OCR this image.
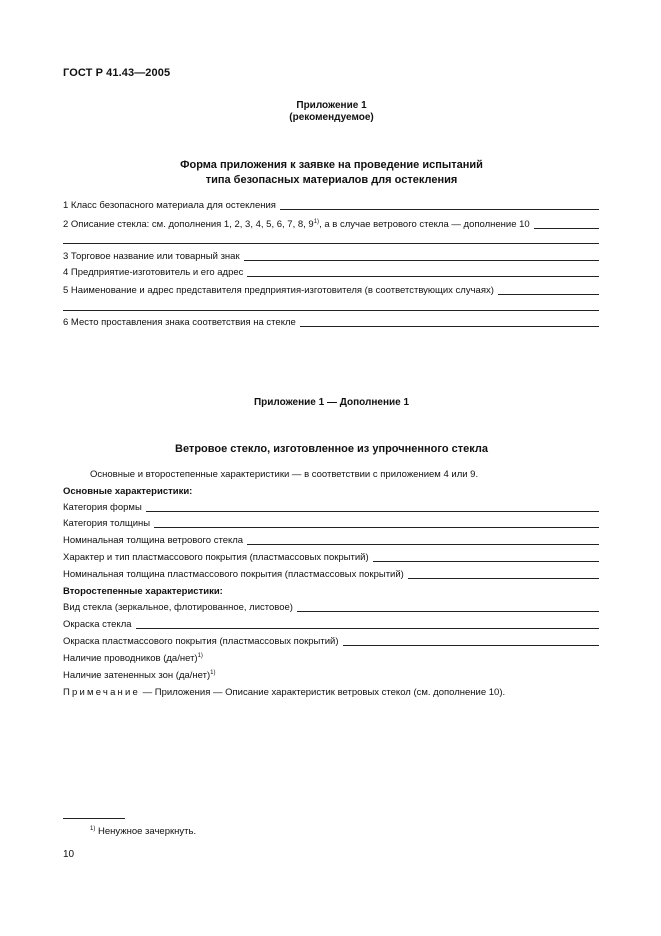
ГОСТ Р 41.43—2005
Приложение 1
(рекомендуемое)
Форма приложения к заявке на проведение испытаний
типа безопасных материалов для остекления
1 Класс безопасного материала для остекления
2 Описание стекла: см. дополнения 1, 2, 3, 4, 5, 6, 7, 8, 9$^{1)}$, а в случае ветрового стекла — дополнение 10
3 Торговое название или товарный знак
4 Предприятие-изготовитель и его адрес
5 Наименование и адрес представителя предприятия-изготовителя (в соответствующих случаях)
6 Место проставления знака соответствия на стекле
Приложение 1 — Дополнение 1
Ветровое стекло, изготовленное из упрочненного стекла
Основные и второстепенные характеристики — в соответствии с приложением 4 или 9.
Основные характеристики:
Категория формы
Категория толщины
Номинальная толщина ветрового стекла
Характер и тип пластмассового покрытия (пластмассовых покрытий)
Номинальная толщина пластмассового покрытия (пластмассовых покрытий)
Второстепенные характеристики:
Вид стекла (зеркальное, флотированное, листовое)
Окраска стекла
Окраска пластмассового покрытия (пластмассовых покрытий)
Наличие проводников $(да/нет)^{1)}$
Наличие затененных зон $(да/нет)^{1)}$
Примечание — Приложения — Описание характеристик ветровых стекол (см. дополнение 10).
$^{1)}$ Ненужное зачеркнуть.
10
